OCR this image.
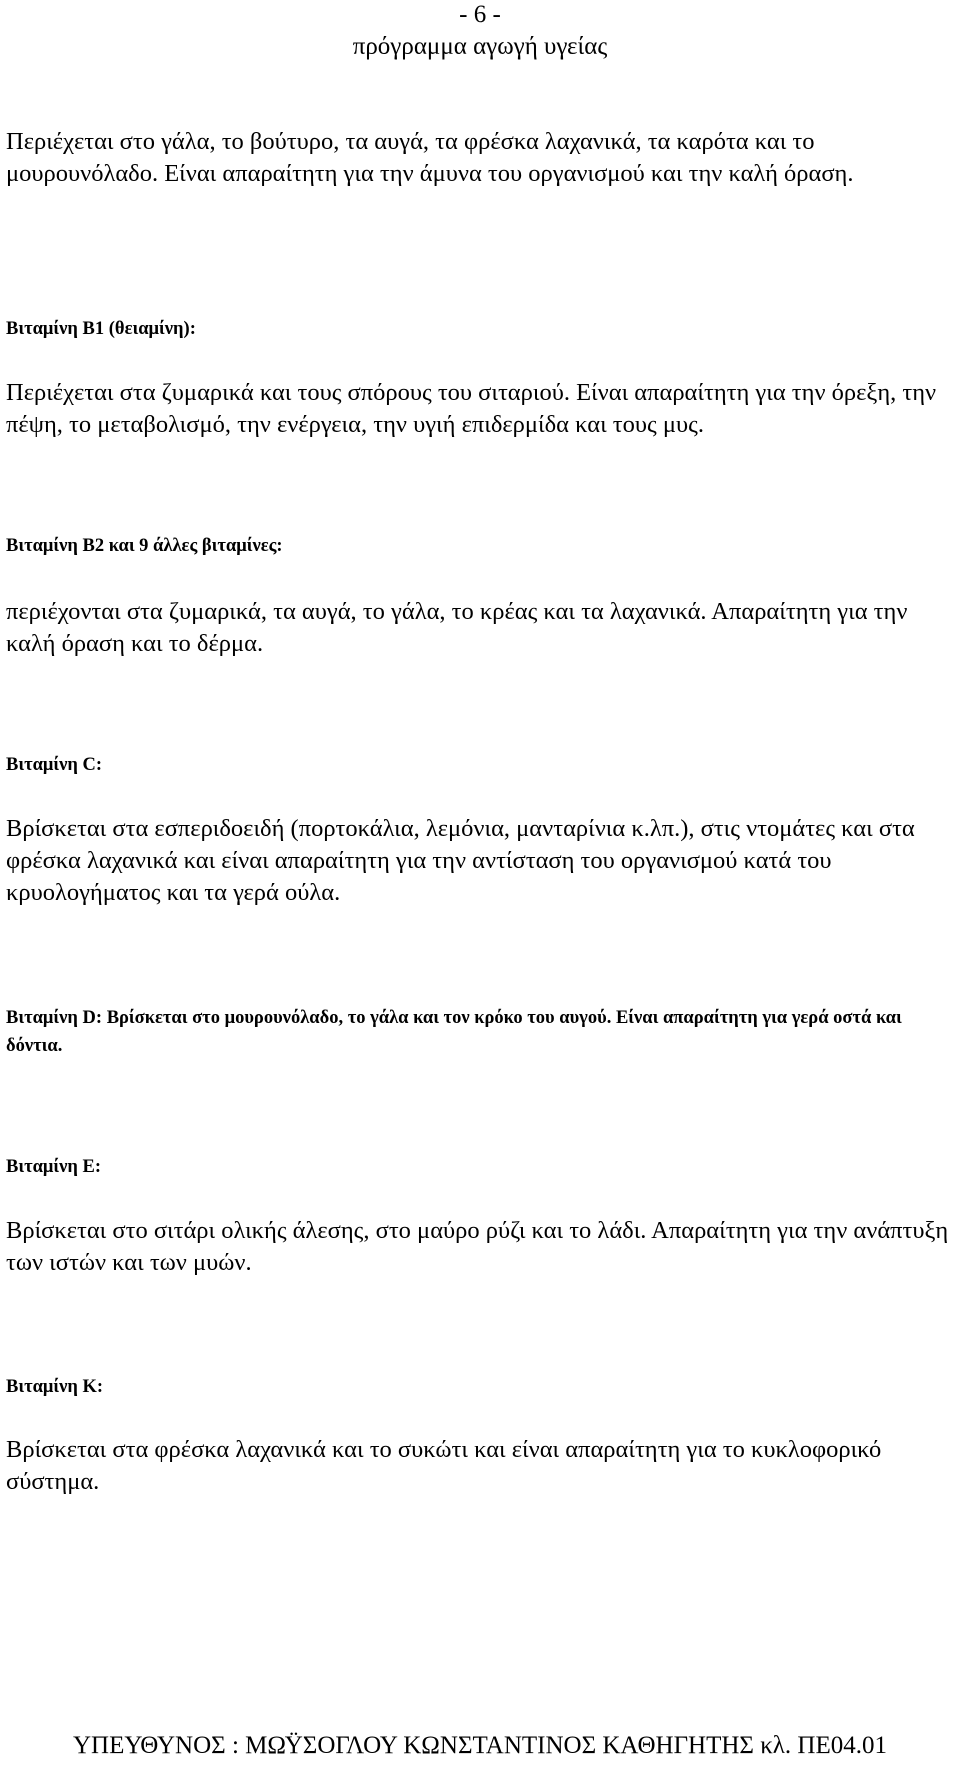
- 6 -
πρόγραμμα αγωγή υγείας

Περιέχεται στο γάλα, το βούτυρο, τα αυγά, τα φρέσκα λαχανικά, τα καρότα και το μουρουνόλαδο. Είναι απαραίτητη για την άμυνα του οργανισμού και την καλή όραση.

Βιταμίνη Β1 (θειαμίνη):

Περιέχεται στα ζυμαρικά και τους σπόρους του σιταριού. Είναι απαραίτητη για την όρεξη, την πέψη, το μεταβολισμό, την ενέργεια, την υγιή επιδερμίδα και τους μυς.

Βιταμίνη Β2 και 9 άλλες βιταμίνες:

περιέχονται στα ζυμαρικά, τα αυγά, το γάλα, το κρέας και τα λαχανικά. Απαραίτητη για την καλή όραση και το δέρμα.

Βιταμίνη C:

Βρίσκεται στα εσπεριδοειδή (πορτοκάλια, λεμόνια, μανταρίνια κ.λπ.), στις ντομάτες και στα φρέσκα λαχανικά και είναι απαραίτητη για την αντίσταση του οργανισμού κατά του κρυολογήματος και τα γερά ούλα.

Βιταμίνη D: Βρίσκεται στο μουρουνόλαδο, το γάλα και τον κρόκο του αυγού. Είναι απαραίτητη για γερά οστά και δόντια.

Βιταμίνη Ε:

Βρίσκεται στο σιτάρι ολικής άλεσης, στο μαύρο ρύζι και το λάδι. Απαραίτητη για την ανάπτυξη των ιστών και των μυών.

Βιταμίνη Κ:

Βρίσκεται στα φρέσκα λαχανικά και το συκώτι και είναι απαραίτητη για το κυκλοφορικό σύστημα.

ΥΠΕΥΘΥΝΟΣ : ΜΩΫΣΟΓΛΟΥ ΚΩΝΣΤΑΝΤΙΝΟΣ ΚΑΘΗΓΗΤΗΣ κλ. ΠΕ04.01
